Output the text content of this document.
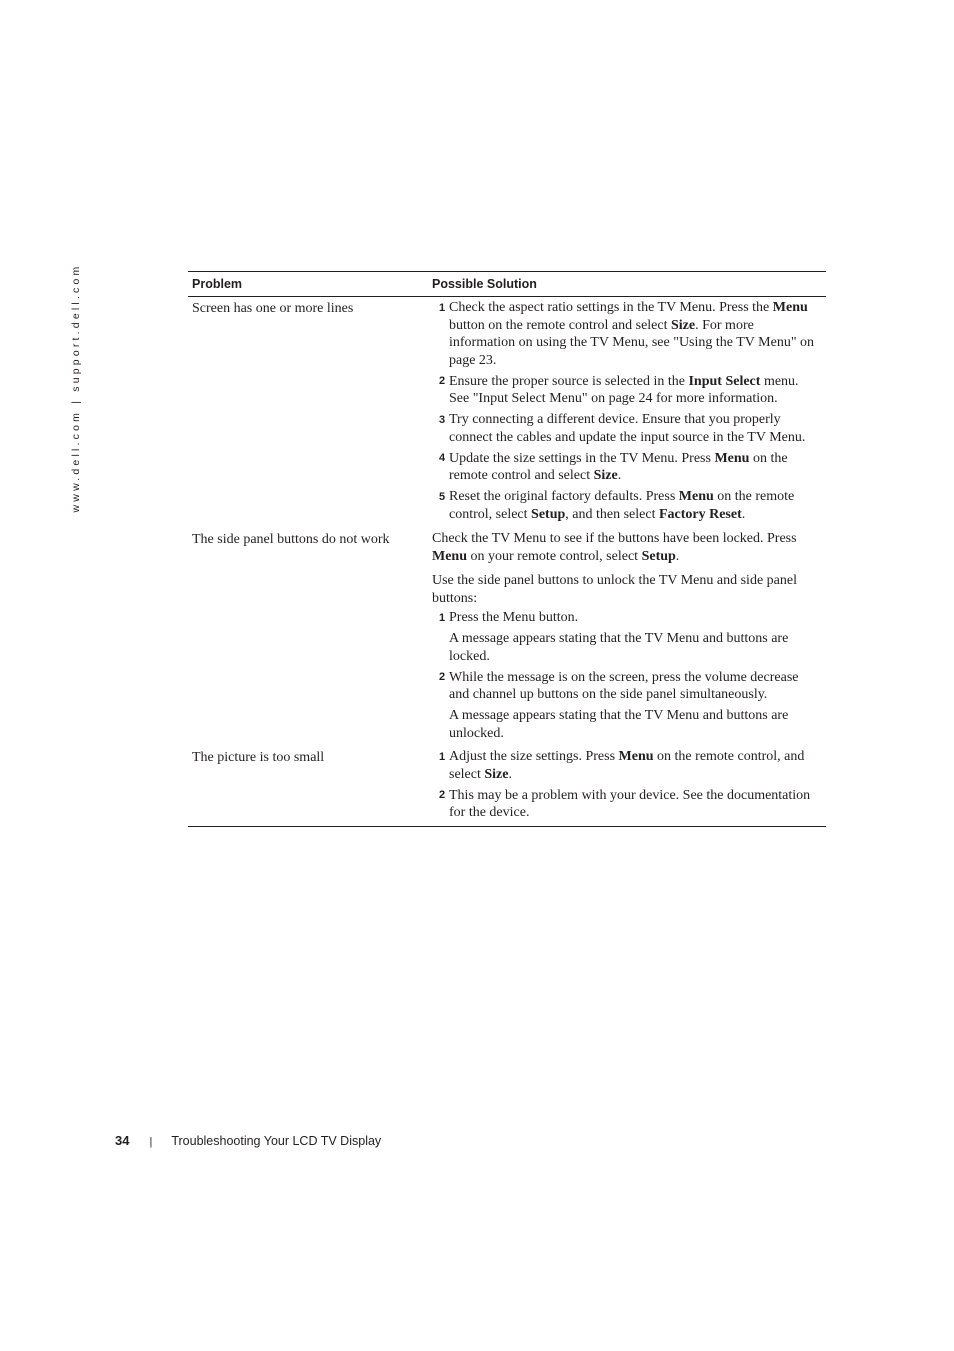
www.dell.com | support.dell.com	Problem	Possible Solution
Screen has one or more lines	1 Check the aspect ratio settings in the TV Menu. Press the Menu button on the remote control and select Size. For more information on using the TV Menu, see "Using the TV Menu" on page 23.
2 Ensure the proper source is selected in the Input Select menu. See "Input Select Menu" on page 24 for more information.
3 Try connecting a different device. Ensure that you properly connect the cables and update the input source in the TV Menu.
4 Update the size settings in the TV Menu. Press Menu on the remote control and select Size.
5 Reset the original factory defaults. Press Menu on the remote control, select Setup, and then select Factory Reset.
The side panel buttons do not work	Check the TV Menu to see if the buttons have been locked. Press Menu on your remote control, select Setup.

Use the side panel buttons to unlock the TV Menu and side panel buttons:

1 Press the Menu button.
A message appears stating that the TV Menu and buttons are locked.
2 While the message is on the screen, press the volume decrease and channel up buttons on the side panel simultaneously.
A message appears stating that the TV Menu and buttons are unlocked.
The picture is too small	1 Adjust the size settings. Press Menu on the remote control, and select Size.
2 This may be a problem with your device. See the documentation for the device.
34 | Troubleshooting Your LCD TV Display
